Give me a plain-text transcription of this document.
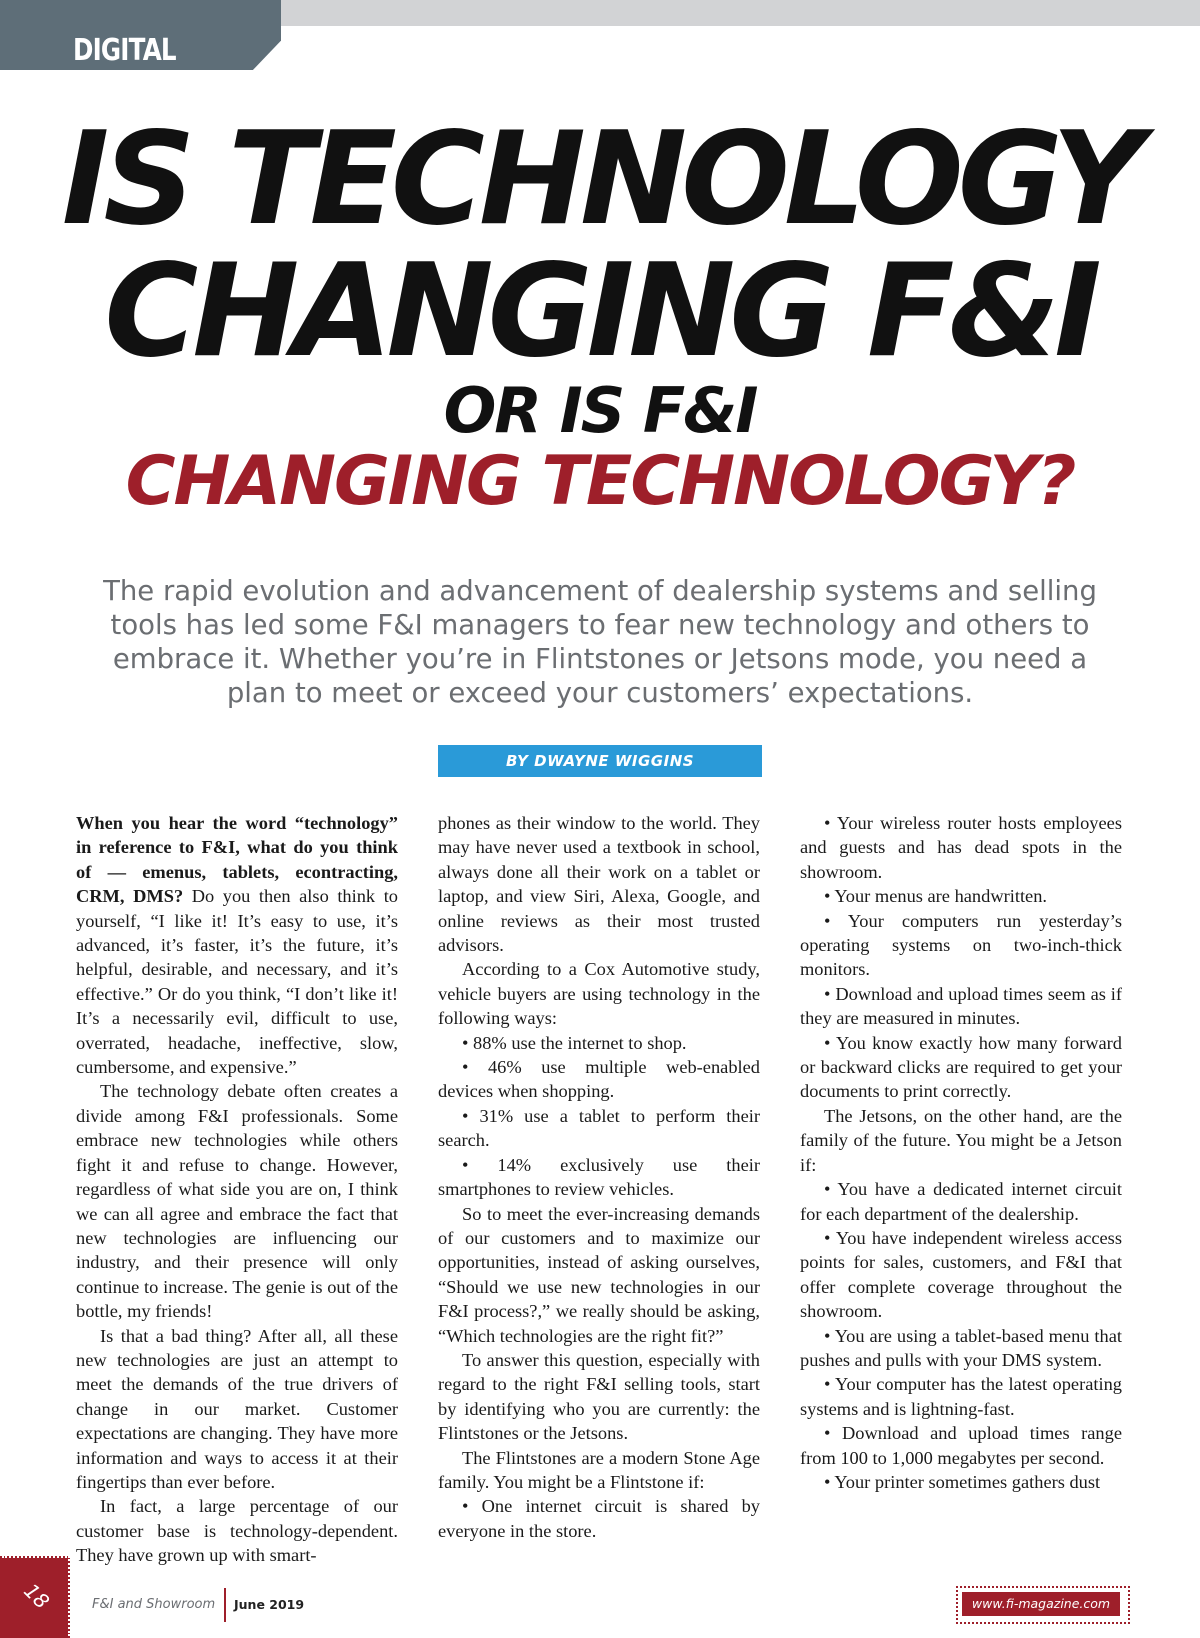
DIGITAL
IS TECHNOLOGY
CHANGING F&I
OR IS F&I
CHANGING TECHNOLOGY?
The rapid evolution and advancement of dealership systems and selling tools has led some F&I managers to fear new technology and others to embrace it. Whether you’re in Flintstones or Jetsons mode, you need a plan to meet or exceed your customers’ expectations.
BY DWAYNE WIGGINS

When you hear the word “technology” in reference to F&I, what do you think of — emenus, tablets, econtracting, CRM, DMS? Do you then also think to yourself, “I like it! It’s easy to use, it’s advanced, it’s faster, it’s the future, it’s helpful, desirable, and necessary, and it’s effective.” Or do you think, “I don’t like it! It’s a necessarily evil, difficult to use, overrated, headache, ineffective, slow, cumbersome, and expensive.”

The technology debate often creates a divide among F&I professionals. Some embrace new technologies while others fight it and refuse to change. However, regardless of what side you are on, I think we can all agree and embrace the fact that new technologies are influencing our industry, and their presence will only continue to increase. The genie is out of the bottle, my friends!

Is that a bad thing? After all, all these new technologies are just an attempt to meet the demands of the true drivers of change in our market. Customer expectations are changing. They have more information and ways to access it at their fingertips than ever before.

In fact, a large percentage of our customer base is technology-dependent. They have grown up with smart-

phones as their window to the world. They may have never used a textbook in school, always done all their work on a tablet or laptop, and view Siri, Alexa, Google, and online reviews as their most trusted advisors.

According to a Cox Automotive study, vehicle buyers are using technology in the following ways:

• 88% use the internet to shop.

• 46% use multiple web-enabled devices when shopping.

• 31% use a tablet to perform their search.

• 14% exclusively use their smartphones to review vehicles.

So to meet the ever-increasing demands of our customers and to maximize our opportunities, instead of asking ourselves, “Should we use new technologies in our F&I process?,” we really should be asking, “Which technologies are the right fit?”

To answer this question, especially with regard to the right F&I selling tools, start by identifying who you are currently: the Flintstones or the Jetsons.

The Flintstones are a modern Stone Age family. You might be a Flintstone if:

• One internet circuit is shared by everyone in the store.

• Your wireless router hosts employees and guests and has dead spots in the showroom.

• Your menus are handwritten.

• Your computers run yesterday’s operating systems on two-inch-thick monitors.

• Download and upload times seem as if they are measured in minutes.

• You know exactly how many forward or backward clicks are required to get your documents to print correctly.

The Jetsons, on the other hand, are the family of the future. You might be a Jetson if:

• You have a dedicated internet circuit for each department of the dealership.

• You have independent wireless access points for sales, customers, and F&I that offer complete coverage throughout the showroom.

• You are using a tablet-based menu that pushes and pulls with your DMS system.

• Your computer has the latest operating systems and is lightning-fast.

• Download and upload times range from 100 to 1,000 megabytes per second.

• Your printer sometimes gathers dust

18	F&I and Showroom June 2019	www.fi-magazine.com
